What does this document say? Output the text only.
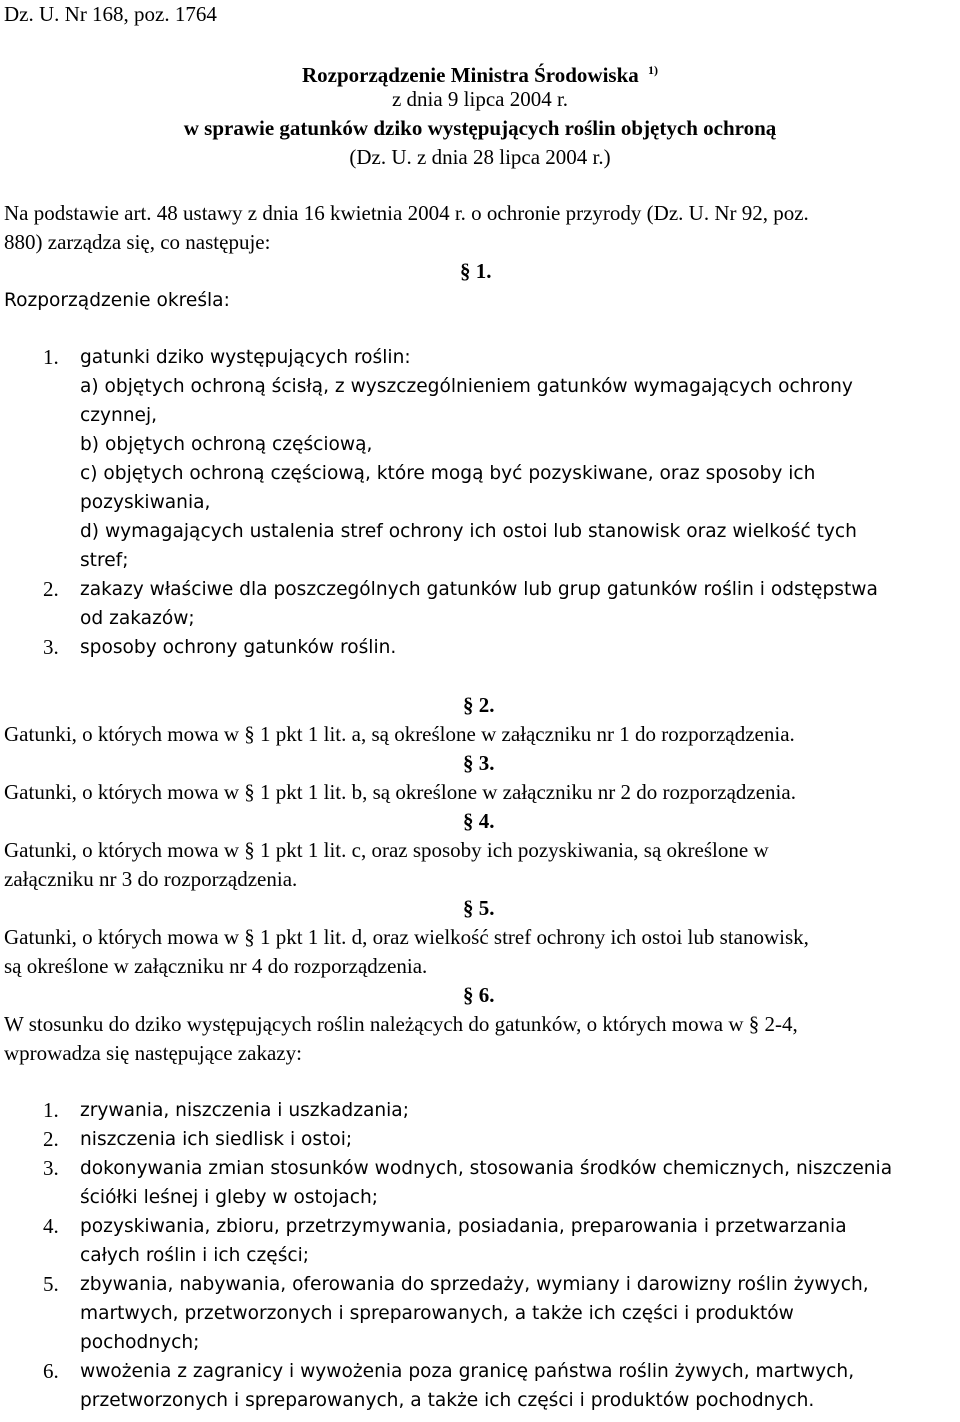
Dz. U. Nr 168, poz. 1764
Rozporządzenie Ministra Środowiska $^{1)}$
z dnia 9 lipca 2004 r.
w sprawie gatunków dziko występujących roślin objętych ochroną
(Dz. U. z dnia 28 lipca 2004 r.)
Na podstawie art. 48 ustawy z dnia 16 kwietnia 2004 r. o ochronie przyrody (Dz. U. Nr 92, poz.
880) zarządza się, co następuje:
§ 1.
Rozporządzenie określa:
1. gatunki dziko występujących roślin:
a) objętych ochroną ścisłą, z wyszczególnieniem gatunków wymagających ochrony
czynnej,
b) objętych ochroną częściową,
c) objętych ochroną częściową, które mogą być pozyskiwane, oraz sposoby ich
pozyskiwania,
d) wymagających ustalenia stref ochrony ich ostoi lub stanowisk oraz wielkość tych
stref;
2. zakazy właściwe dla poszczególnych gatunków lub grup gatunków roślin i odstępstwa
od zakazów;
3. sposoby ochrony gatunków roślin.
§ 2.
Gatunki, o których mowa w § 1 pkt 1 lit. a, są określone w załączniku nr 1 do rozporządzenia.
§ 3.
Gatunki, o których mowa w § 1 pkt 1 lit. b, są określone w załączniku nr 2 do rozporządzenia.
§ 4.
Gatunki, o których mowa w § 1 pkt 1 lit. c, oraz sposoby ich pozyskiwania, są określone w
załączniku nr 3 do rozporządzenia.
§ 5.
Gatunki, o których mowa w § 1 pkt 1 lit. d, oraz wielkość stref ochrony ich ostoi lub stanowisk,
są określone w załączniku nr 4 do rozporządzenia.
§ 6.
W stosunku do dziko występujących roślin należących do gatunków, o których mowa w § 2-4,
wprowadza się następujące zakazy:
1. zrywania, niszczenia i uszkadzania;
2. niszczenia ich siedlisk i ostoi;
3. dokonywania zmian stosunków wodnych, stosowania środków chemicznych, niszczenia
ściółki leśnej i gleby w ostojach;
4. pozyskiwania, zbioru, przetrzymywania, posiadania, preparowania i przetwarzania
całych roślin i ich części;
5. zbywania, nabywania, oferowania do sprzedaży, wymiany i darowizny roślin żywych,
martwych, przetworzonych i spreparowanych, a także ich części i produktów
pochodnych;
6. wwożenia z zagranicy i wywożenia poza granicę państwa roślin żywych, martwych,
przetworzonych i spreparowanych, a także ich części i produktów pochodnych.
